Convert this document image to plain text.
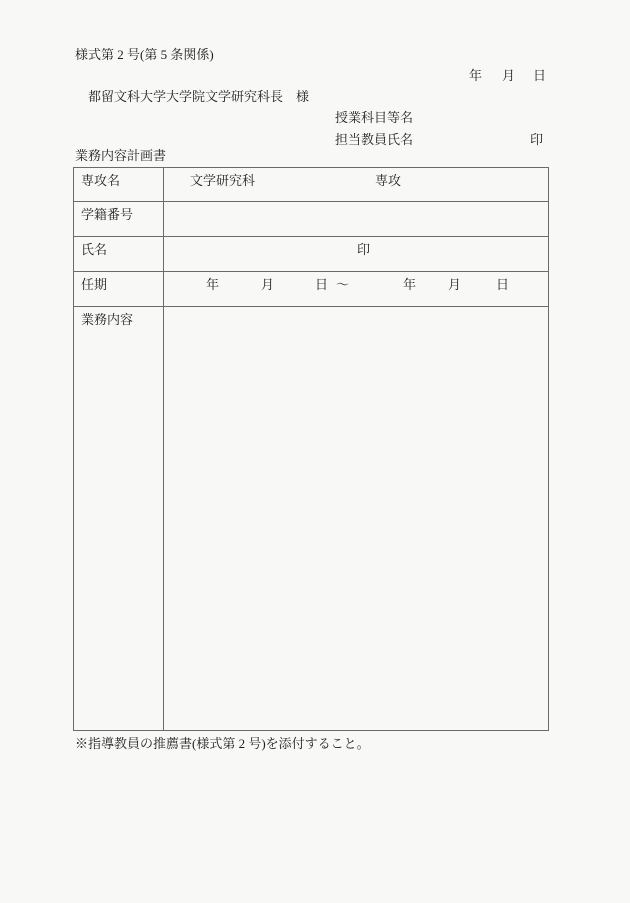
様式第 2 号(第 5 条関係)

年

月

日

都留文科大学大学院文学研究科長　様
授業科目等名
担当教員氏名	印
業務内容計画書
専攻名	文学研究科 専攻

学籍番号	
氏名	印

任期	年	月	日 〜	年 月	日

業務内容	
※指導教員の推薦書(様式第 2 号)を添付すること。
